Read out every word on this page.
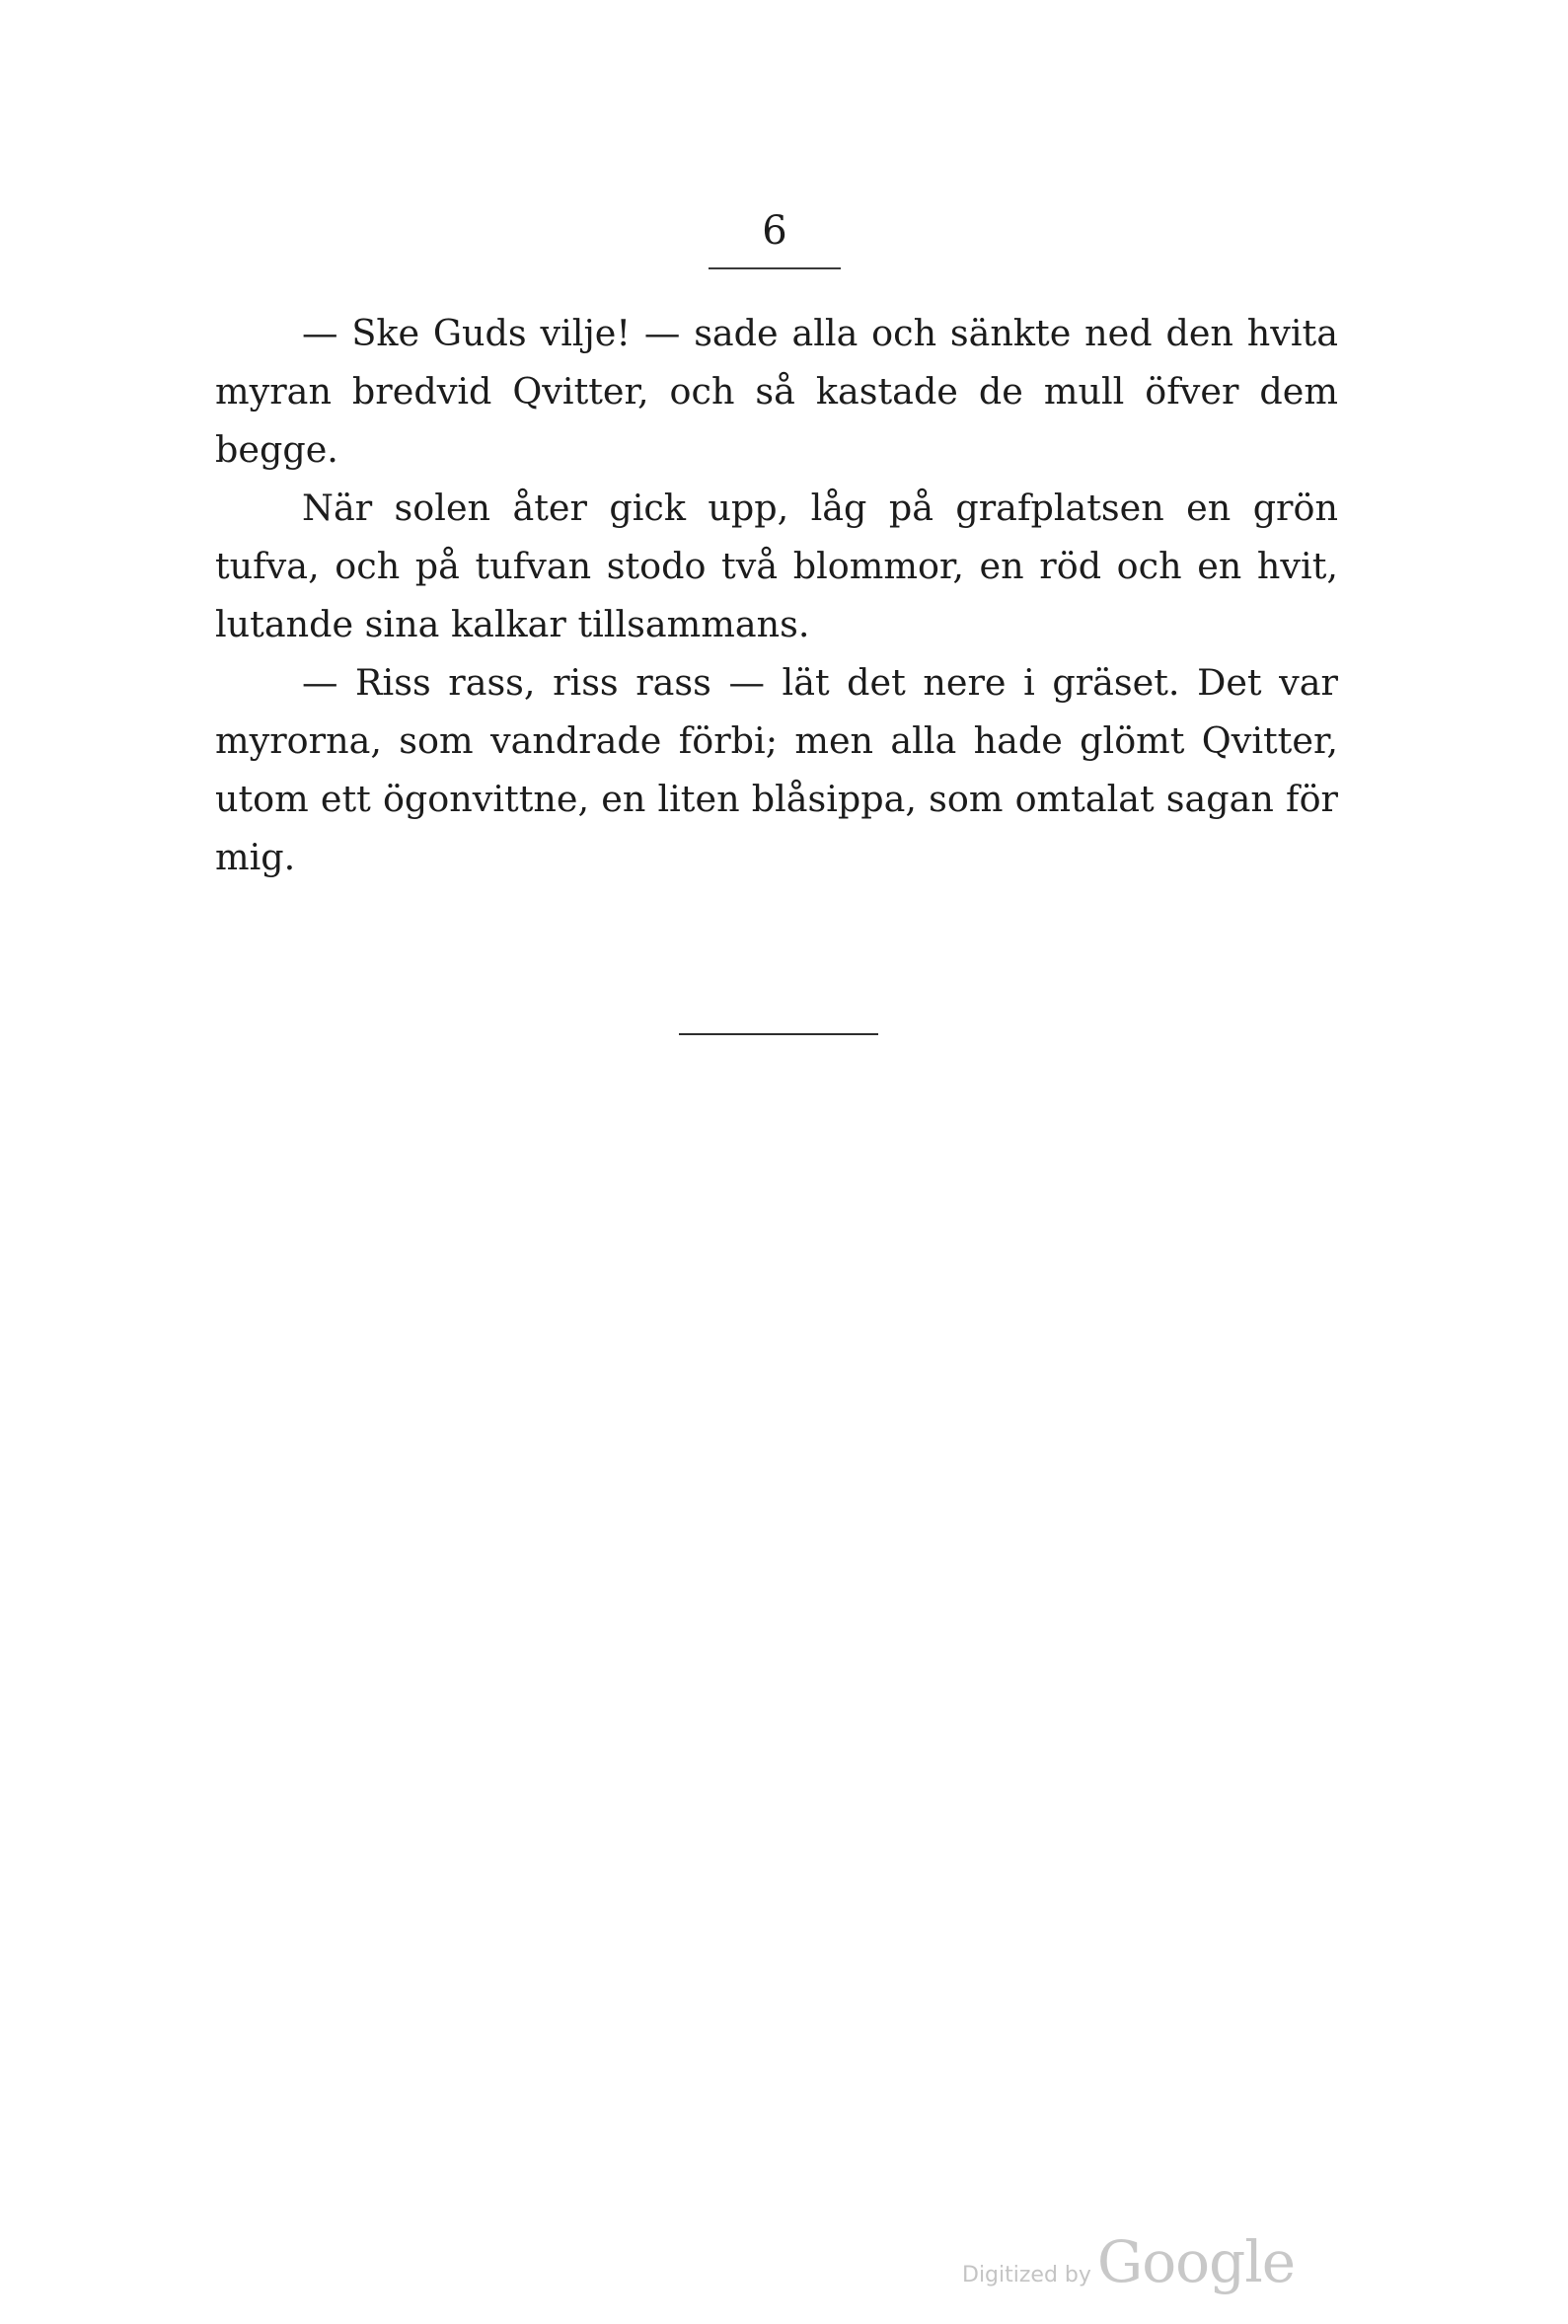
6

— Ske Guds vilje! — sade alla och sänkte ned den hvita myran bredvid Qvitter, och så kastade de mull öfver dem begge.

När solen åter gick upp, låg på grafplatsen en grön tufva, och på tufvan stodo två blommor, en röd och en hvit, lutande sina kalkar tillsammans.

— Riss rass, riss rass — lät det nere i gräset. Det var myrorna, som vandrade förbi; men alla hade glömt Qvitter, utom ett ögonvittne, en liten blåsippa, som omtalat sagan för mig.

Digitized by Google
